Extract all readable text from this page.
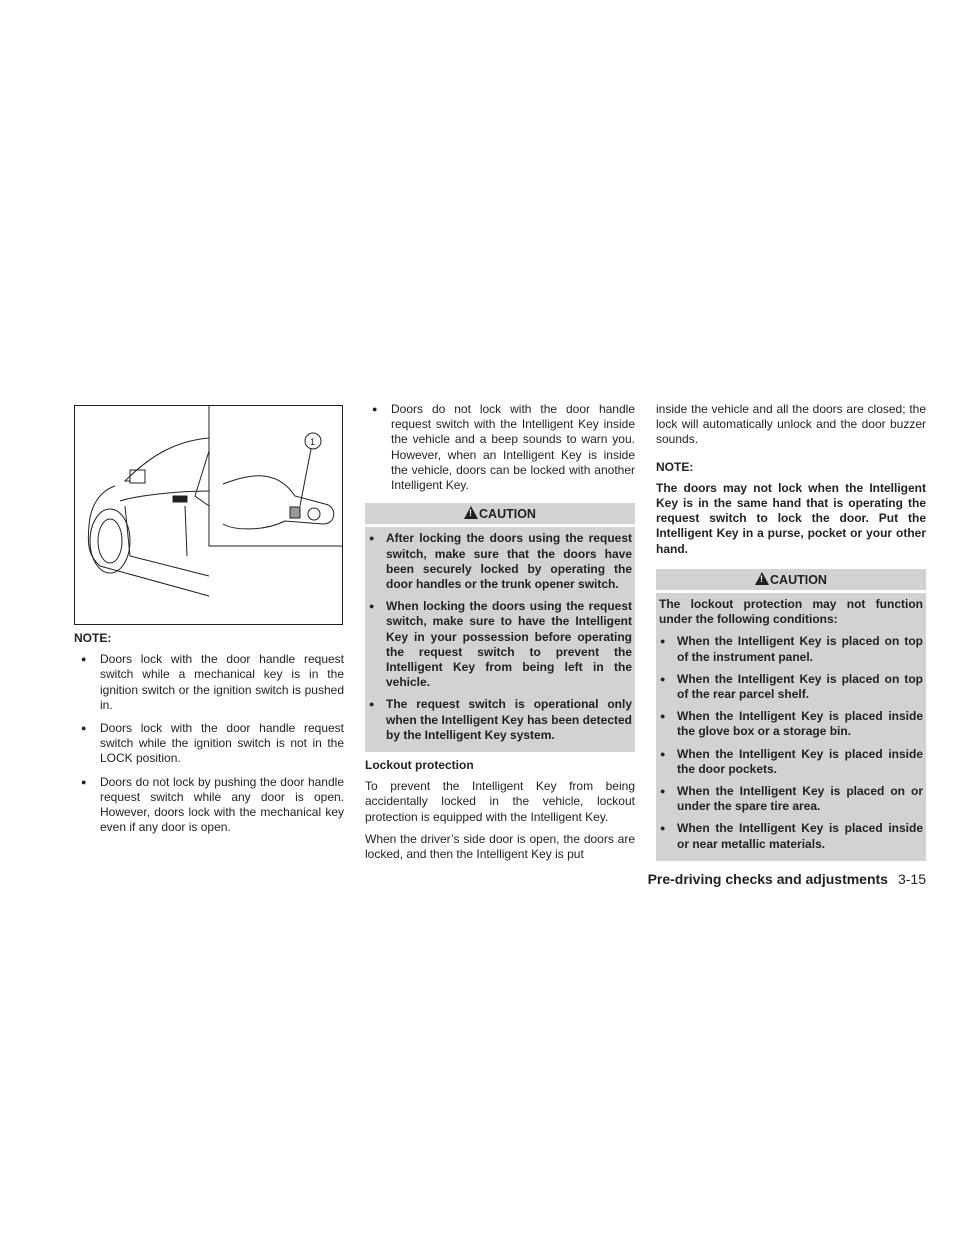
1
NOTE:
● Doors lock with the door handle request switch while a mechanical key is in the ignition switch or the ignition switch is pushed in.
● Doors lock with the door handle request switch while the ignition switch is not in the LOCK position.
● Doors do not lock by pushing the door handle request switch while any door is open. However, doors lock with the mechanical key even if any door is open.
● Doors do not lock with the door handle request switch with the Intelligent Key inside the vehicle and a beep sounds to warn you. However, when an Intelligent Key is inside the vehicle, doors can be locked with another Intelligent Key.
!CAUTION
● After locking the doors using the request switch, make sure that the doors have been securely locked by operating the door handles or the trunk opener switch.
● When locking the doors using the request switch, make sure to have the Intelligent Key in your possession before operating the request switch to prevent the Intelligent Key from being left in the vehicle.
● The request switch is operational only when the Intelligent Key has been detected by the Intelligent Key system.
Lockout protection

To prevent the Intelligent Key from being accidentally locked in the vehicle, lockout protection is equipped with the Intelligent Key.

When the driver’s side door is open, the doors are locked, and then the Intelligent Key is put

inside the vehicle and all the doors are closed; the lock will automatically unlock and the door buzzer sounds.

NOTE:

The doors may not lock when the Intelligent Key is in the same hand that is operating the request switch to lock the door. Put the Intelligent Key in a purse, pocket or your other hand.

!CAUTION

The lockout protection may not function under the following conditions:

● When the Intelligent Key is placed on top of the instrument panel.
● When the Intelligent Key is placed on top of the rear parcel shelf.
● When the Intelligent Key is placed inside the glove box or a storage bin.
● When the Intelligent Key is placed inside the door pockets.
● When the Intelligent Key is placed on or under the spare tire area.
● When the Intelligent Key is placed inside or near metallic materials.
Pre-driving checks and adjustments 3-15
